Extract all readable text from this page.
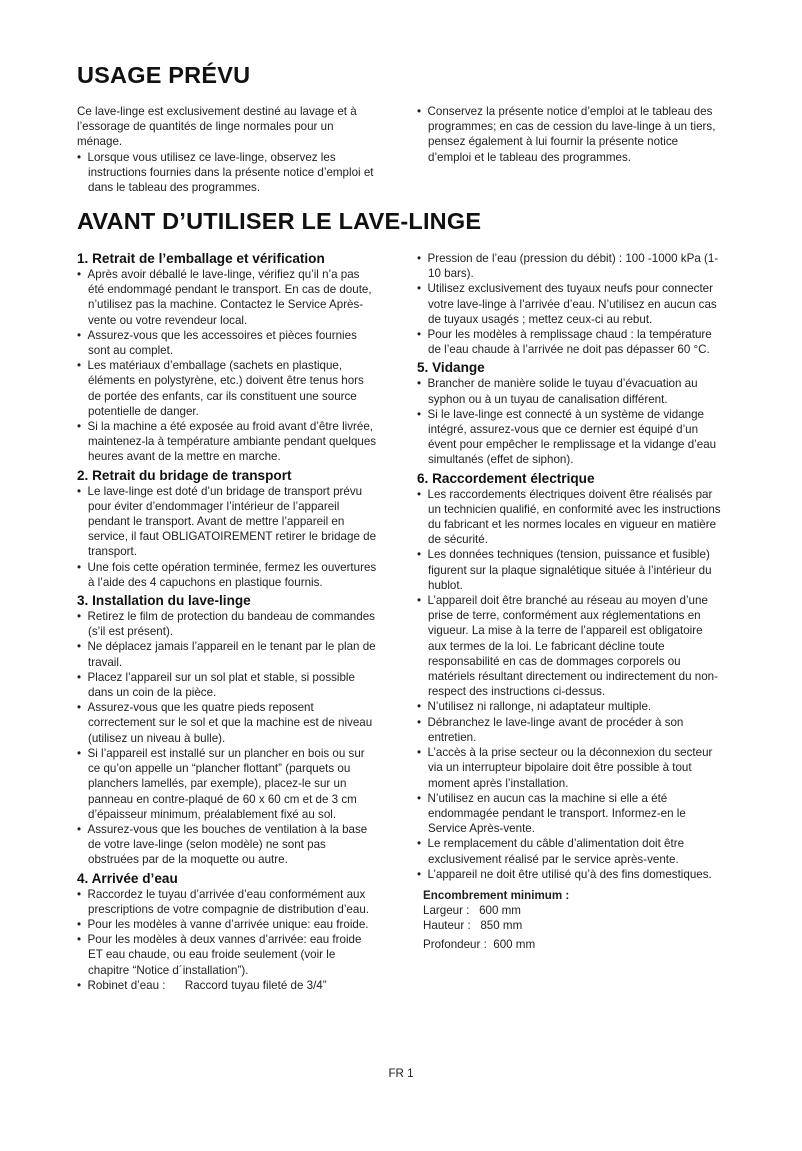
USAGE PRÉVU

Ce lave-linge est exclusivement destiné au lavage et à l’essorage de quantités de linge normales pour un ménage.

•  Lorsque vous utilisez ce lave-linge, observez les instructions fournies dans la présente notice d’emploi et dans le tableau des programmes.

•  Conservez la présente notice d’emploi at le tableau des programmes; en cas de cession du lave-linge à un tiers, pensez également à lui fournir la présente notice d’emploi et le tableau des programmes.

AVANT D’UTILISER LE LAVE-LINGE
1. Retrait de l’emballage et vérification

•  Après avoir déballé le lave-linge, vérifiez qu’il n’a pas été endommagé pendant le transport. En cas de doute, n’utilisez pas la machine. Contactez le Service Après-vente ou votre revendeur local.

•  Assurez-vous que les accessoires et pièces fournies sont au complet.

•  Les matériaux d’emballage (sachets en plastique, éléments en polystyrène, etc.) doivent être tenus hors de portée des enfants, car ils constituent une source potentielle de danger.

•  Si la machine a été exposée au froid avant d’être livrée, maintenez-la à température ambiante pendant quelques heures avant de la mettre en marche.

2. Retrait du bridage de transport

•  Le lave-linge est doté d’un bridage de transport prévu pour éviter d’endommager l’intérieur de l’appareil pendant le transport. Avant de mettre l’appareil en service, il faut OBLIGATOIREMENT retirer le bridage de transport.

•  Une fois cette opération terminée, fermez les ouvertures à l’aide des 4 capuchons en plastique fournis.

3. Installation du lave-linge

•  Retirez le film de protection du bandeau de commandes (s’il est présent).

•  Ne déplacez jamais l’appareil en le tenant par le plan de travail.

•  Placez l’appareil sur un sol plat et stable, si possible dans un coin de la pièce.

•  Assurez-vous que les quatre pieds reposent correctement sur le sol et que la machine est de niveau (utilisez un niveau à bulle).

•  Si l’appareil est installé sur un plancher en bois ou sur ce qu’on appelle un “plancher flottant” (parquets ou planchers lamellés, par exemple), placez-le sur un panneau en contre-plaqué de 60 x 60 cm et de 3 cm d’épaisseur minimum, préalablement fixé au sol.

•  Assurez-vous que les bouches de ventilation à la base de votre lave-linge (selon modèle) ne sont pas obstruées par de la moquette ou autre.

4. Arrivée d’eau

•  Raccordez le tuyau d’arrivée d’eau conformément aux prescriptions de votre compagnie de distribution d’eau.

•  Pour les modèles à vanne d’arrivée unique: eau froide.

•  Pour les modèles à deux vannes d’arrivée: eau froide ET eau chaude, ou eau froide seulement (voir le chapitre “Notice d´installation”).

•  Robinet d’eau :      Raccord tuyau fileté de 3/4”

•  Pression de l’eau (pression du débit) : 100 -1000 kPa (1-10 bars).

•  Utilisez exclusivement des tuyaux neufs pour connecter votre lave-linge à l’arrivée d’eau. N’utilisez en aucun cas de tuyaux usagés ; mettez ceux-ci au rebut.

•  Pour les modèles à remplissage chaud : la température de l’eau chaude à l’arrivée ne doit pas dépasser 60 °C.

5. Vidange

•  Brancher de manière solide le tuyau d’évacuation au syphon ou à un tuyau de canalisation différent.

•  Si le lave-linge est connecté à un système de vidange intégré, assurez-vous que ce dernier est équipé d’un évent pour empêcher le remplissage et la vidange d’eau simultanés (effet de siphon).

6. Raccordement électrique

•  Les raccordements électriques doivent être réalisés par un technicien qualifié, en conformité avec les instructions du fabricant et les normes locales en vigueur en matière de sécurité.

•  Les données techniques (tension, puissance et fusible) figurent sur la plaque signalétique située à l’intérieur du hublot.

•  L’appareil doit être branché au réseau au moyen d’une prise de terre, conformément aux réglementations en vigueur. La mise à la terre de l’appareil est obligatoire aux termes de la loi. Le fabricant décline toute responsabilité en cas de dommages corporels ou matériels résultant directement ou indirectement du non-respect des instructions ci-dessus.

•  N’utilisez ni rallonge, ni adaptateur multiple.

•  Débranchez le lave-linge avant de procéder à son entretien.

•  L’accès à la prise secteur ou la déconnexion du secteur via un interrupteur bipolaire doit être possible à tout moment après l’installation.

•  N’utilisez en aucun cas la machine si elle a été endommagée pendant le transport. Informez-en le Service Après-vente.

•  Le remplacement du câble d’alimentation doit être exclusivement réalisé par le service après-vente.

•  L’appareil ne doit être utilisé qu’à des fins domestiques.

Encombrement minimum :

Largeur :   600 mm

Hauteur :   850 mm

Profondeur :  600 mm

FR 1
